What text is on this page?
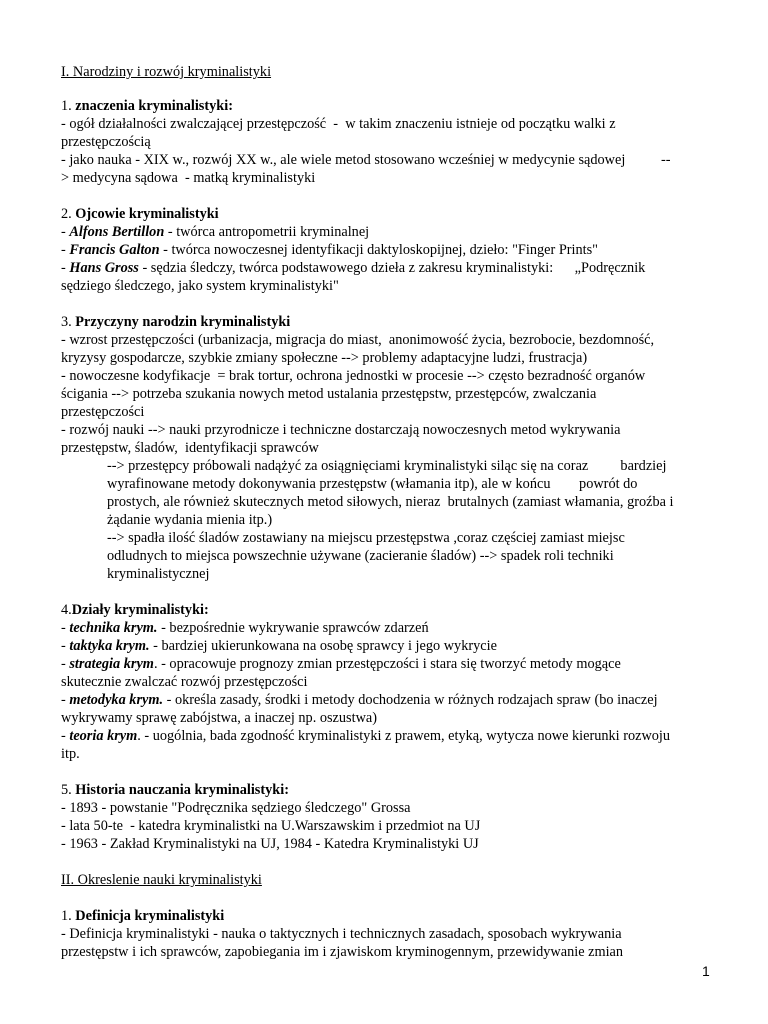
I. Narodziny i rozwój kryminalistyki
1. znaczenia kryminalistyki:
- ogół działalności zwalczającej przestępczość  -  w takim znaczeniu istnieje od początku walki z
przestępczością
- jako nauka - XIX w., rozwój XX w., ale wiele metod stosowano wcześniej w medycynie sądowej          --
> medycyna sądowa  - matką kryminalistyki
2. Ojcowie kryminalistyki
- Alfons Bertillon - twórca antropometrii kryminalnej
- Francis Galton - twórca nowoczesnej identyfikacji daktyloskopijnej, dzieło: "Finger Prints"
- Hans Gross - sędzia śledczy, twórca podstawowego dzieła z zakresu kryminalistyki:      „Podręcznik
sędziego śledczego, jako system kryminalistyki"
3. Przyczyny narodzin kryminalistyki
- wzrost przestępczości (urbanizacja, migracja do miast,  anonimowość życia, bezrobocie, bezdomność,
kryzysy gospodarcze, szybkie zmiany społeczne --> problemy adaptacyjne ludzi, frustracja)
- nowoczesne kodyfikacje  = brak tortur, ochrona jednostki w procesie --> często bezradność organów
ścigania --> potrzeba szukania nowych metod ustalania przestępstw, przestępców, zwalczania
przestępczości
- rozwój nauki --> nauki przyrodnicze i techniczne dostarczają nowoczesnych metod wykrywania
przestępstw, śladów,  identyfikacji sprawców
--> przestępcy próbowali nadążyć za osiągnięciami kryminalistyki siląc się na coraz         bardziej
wyrafinowane metody dokonywania przestępstw (włamania itp), ale w końcu        powrót do
prostych, ale również skutecznych metod siłowych, nieraz  brutalnych (zamiast włamania, groźba i
żądanie wydania mienia itp.)
--> spadła ilość śladów zostawiany na miejscu przestępstwa ,coraz częściej zamiast miejsc
odludnych to miejsca powszechnie używane (zacieranie śladów) --> spadek roli techniki
kryminalistycznej
4.Działy kryminalistyki:
- technika krym. - bezpośrednie wykrywanie sprawców zdarzeń
- taktyka krym. - bardziej ukierunkowana na osobę sprawcy i jego wykrycie
- strategia krym. - opracowuje prognozy zmian przestępczości i stara się tworzyć metody mogące
skutecznie zwalczać rozwój przestępczości
- metodyka krym. - określa zasady, środki i metody dochodzenia w różnych rodzajach spraw (bo inaczej
wykrywamy sprawę zabójstwa, a inaczej np. oszustwa)
- teoria krym. - uogólnia, bada zgodność kryminalistyki z prawem, etyką, wytycza nowe kierunki rozwoju
itp.
5. Historia nauczania kryminalistyki:
- 1893 - powstanie "Podręcznika sędziego śledczego" Grossa
- lata 50-te  - katedra kryminalistki na U.Warszawskim i przedmiot na UJ
- 1963 - Zakład Kryminalistyki na UJ, 1984 - Katedra Kryminalistyki UJ
II. Okreslenie nauki kryminalistyki
1. Definicja kryminalistyki
- Definicja kryminalistyki - nauka o taktycznych i technicznych zasadach, sposobach wykrywania
przestępstw i ich sprawców, zapobiegania im i zjawiskom kryminogennym, przewidywanie zmian
1
